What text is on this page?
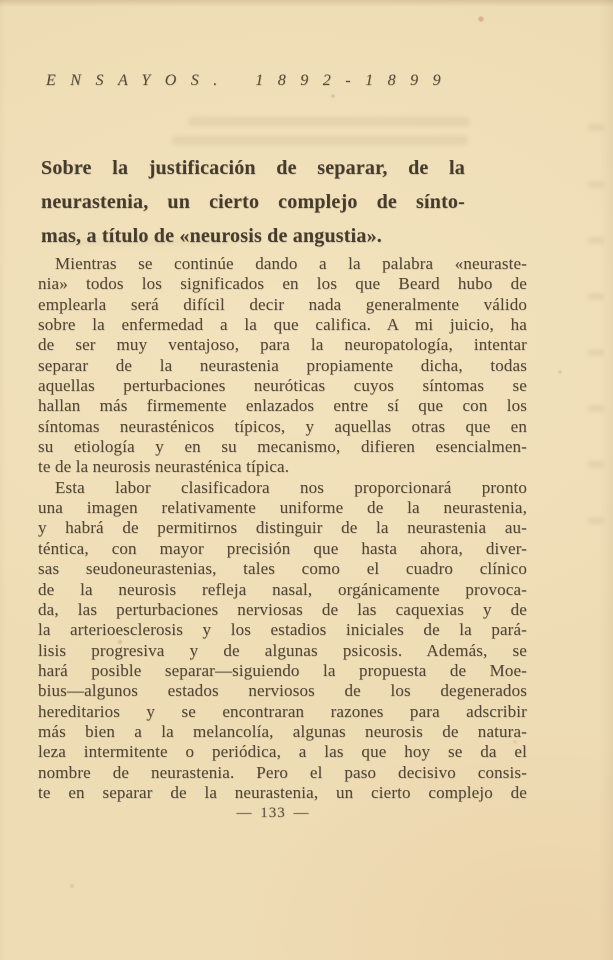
ENSAYOS. 1892-1899
Sobre la justificación de separar, de la
neurastenia, un cierto complejo de sínto-
mas, a título de «neurosis de angustia».
Mientras se continúe dando a la palabra «neuraste-
nia» todos los significados en los que Beard hubo de
emplearla será difícil decir nada generalmente válido
sobre la enfermedad a la que califica. A mi juicio, ha
de ser muy ventajoso, para la neuropatología, intentar
separar de la neurastenia propiamente dicha, todas
aquellas perturbaciones neuróticas cuyos síntomas se
hallan más firmemente enlazados entre sí que con los
síntomas neurasténicos típicos, y aquellas otras que en
su etiología y en su mecanismo, difieren esencialmen-
te de la neurosis neurasténica típica.
Esta labor clasificadora nos proporcionará pronto
una imagen relativamente uniforme de la neurastenia,
y habrá de permitirnos distinguir de la neurastenia au-
téntica, con mayor precisión que hasta ahora, diver-
sas seudoneurastenias, tales como el cuadro clínico
de la neurosis refleja nasal, orgánicamente provoca-
da, las perturbaciones nerviosas de las caquexias y de
la arterioesclerosis y los estadios iniciales de la pará-
lisis progresiva y de algunas psicosis. Además, se
hará posible separar—siguiendo la propuesta de Moe-
bius—algunos estados nerviosos de los degenerados
hereditarios y se encontraran razones para adscribir
más bien a la melancolía, algunas neurosis de natura-
leza intermitente o periódica, a las que hoy se da el
nombre de neurastenia. Pero el paso decisivo consis-
te en separar de la neurastenia, un cierto complejo de
— 133 —
